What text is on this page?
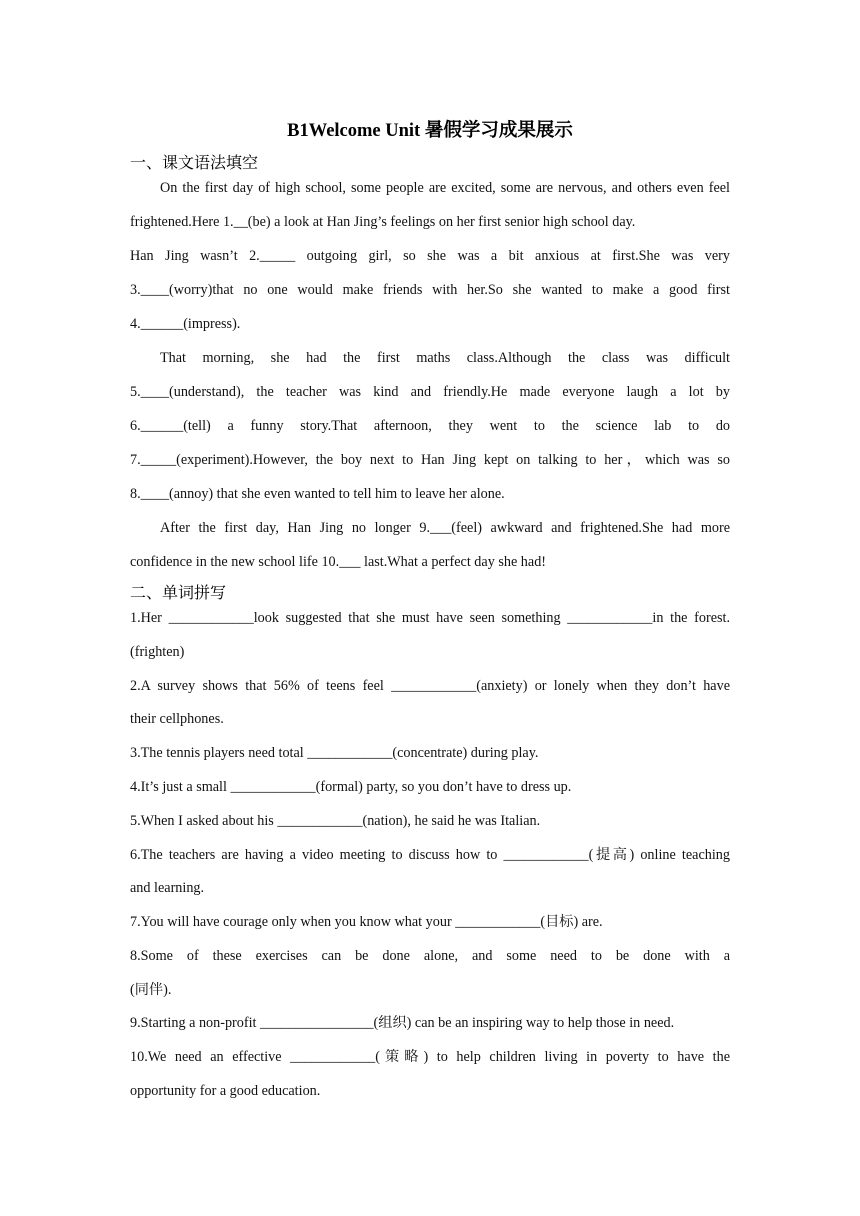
B1Welcome Unit 暑假学习成果展示
一、课文语法填空
On the first day of high school, some people are excited, some are nervous, and others even feel
frightened.Here 1.__(be) a look at Han Jing’s feelings on her first senior high school day.
Han Jing wasn’t 2._____ outgoing girl, so she was a bit anxious at first.She was very
3.____(worry)that no one would make friends with her.So she wanted to make a good first
4.______(impress).
That morning, she had the first maths class.Although the class was difficult
5.____(understand), the teacher was kind and friendly.He made everyone laugh a lot by
6.______(tell) a funny story.That afternoon, they went to the science lab to do
7._____(experiment).However, the boy next to Han Jing kept on talking to her，which was so
8.____(annoy) that she even wanted to tell him to leave her alone.
After the first day, Han Jing no longer 9.___(feel) awkward and frightened.She had more
confidence in the new school life 10.___ last.What a perfect day she had!
二、单词拼写
1.Her ____________look suggested that she must have seen something ____________in the forest.
(frighten)
2.A survey shows that 56% of teens feel ____________(anxiety) or lonely when they don’t have
their cellphones.
3.The tennis players need total ____________(concentrate) during play.
4.It’s just a small ____________(formal) party, so you don’t have to dress up.
5.When I asked about his ____________(nation), he said he was Italian.
6.The teachers are having a video meeting to discuss how to ____________(提高) online teaching
and learning.
7.You will have courage only when you know what your ____________(目标) are.
8.Some of these exercises can be done alone, and some need to be done with a
(同伴).
9.Starting a non-profit ________________(组织) can be an inspiring way to help those in need.
10.We need an effective ____________(策略) to help children living in poverty to have the
opportunity for a good education.
